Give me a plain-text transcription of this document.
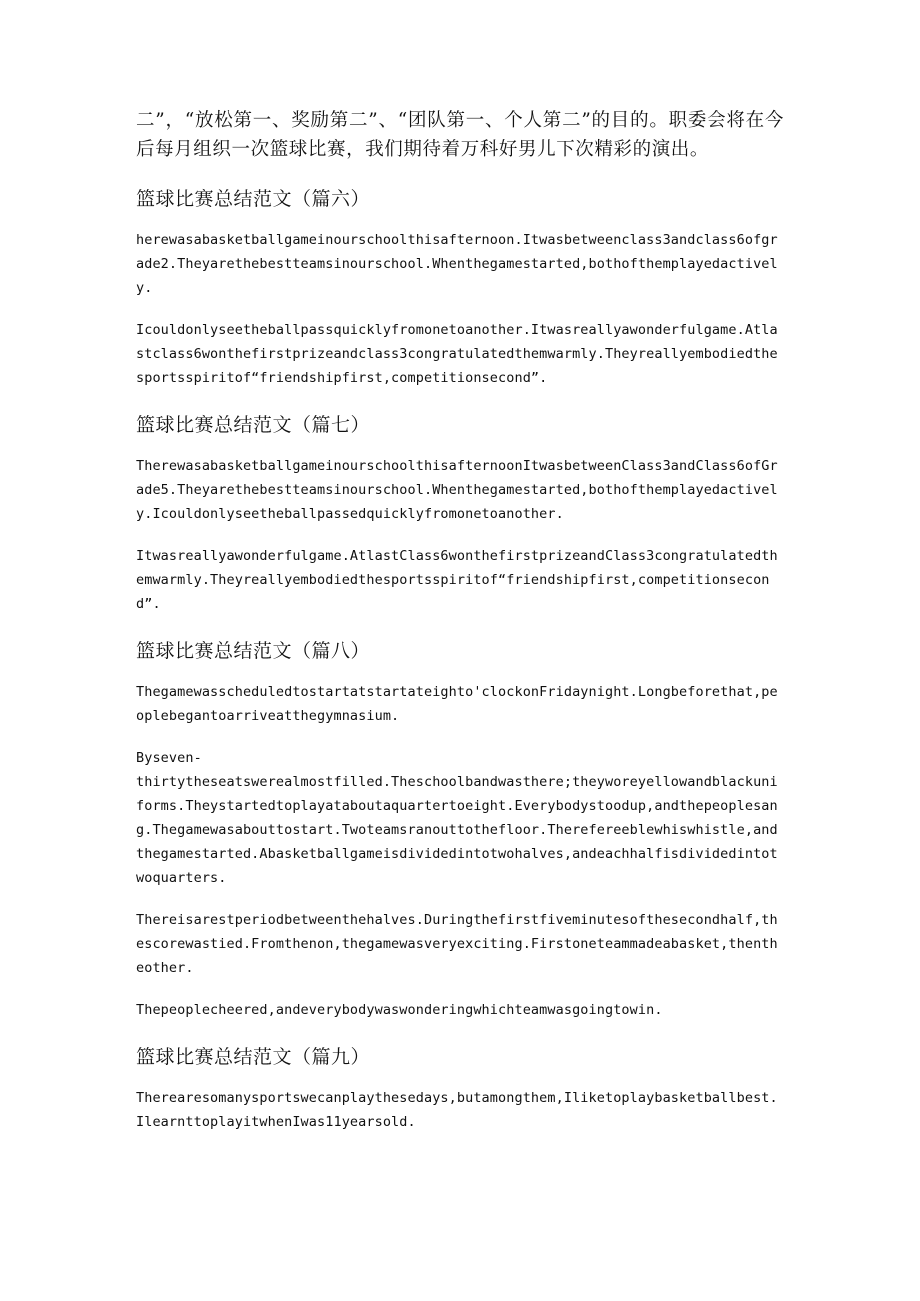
二”，“放松第一、奖励第二”、“团队第一、个人第二”的目的。职委会将在今后每月组织一次篮球比赛，我们期待着万科好男儿下次精彩的演出。

篮球比赛总结范文（篇六）

herewasabasketballgameinourschoolthisafternoon.Itwasbetweenclass3andclass6ofgrade2.Theyarethebestteamsinourschool.Whenthegamestarted,bothofthemplayedactively.

Icouldonlyseetheballpassquicklyfromonetoanother.Itwasreallyawonderfulgame.Atlastclass6wonthefirstprizeandclass3congratulatedthemwarmly.Theyreallyembodiedthesportsspiritof“friendshipfirst,competitionsecond”.

篮球比赛总结范文（篇七）

TherewasabasketballgameinourschoolthisafternoonItwasbetweenClass3andClass6ofGrade5.Theyarethebestteamsinourschool.Whenthegamestarted,bothofthemplayedactively.Icouldonlyseetheballpassedquicklyfromonetoanother.

Itwasreallyawonderfulgame.AtlastClass6wonthefirstprizeandClass3congratulatedthemwarmly.Theyreallyembodiedthesportsspiritof“friendshipfirst,competitionsecond”.

篮球比赛总结范文（篇八）

Thegamewasscheduledtostartatstartateighto'clockonFridaynight.Longbeforethat,peoplebegantoarriveatthegymnasium.

Byseven-
thirtytheseatswerealmostfilled.Theschoolbandwasthere;theyworeyellowandblackuniforms.Theystartedtoplayataboutaquartertoeight.Everybodystoodup,andthepeoplesang.Thegamewasabouttostart.Twoteamsranouttothefloor.Therefereeblewhiswhistle,andthegamestarted.Abasketballgameisdividedintotwohalves,andeachhalfisdividedintotwoquarters.

Thereisarestperiodbetweenthehalves.Duringthefirstfiveminutesofthesecondhalf,thescorewastied.Fromthenon,thegamewasveryexciting.Firstoneteammadeabasket,thentheother.

Thepeoplecheered,andeverybodywaswonderingwhichteamwasgoingtowin.

篮球比赛总结范文（篇九）

Therearesomanysportswecanplaythesedays,butamongthem,Iliketoplaybasketballbest.IlearnttoplayitwhenIwas11yearsold.
